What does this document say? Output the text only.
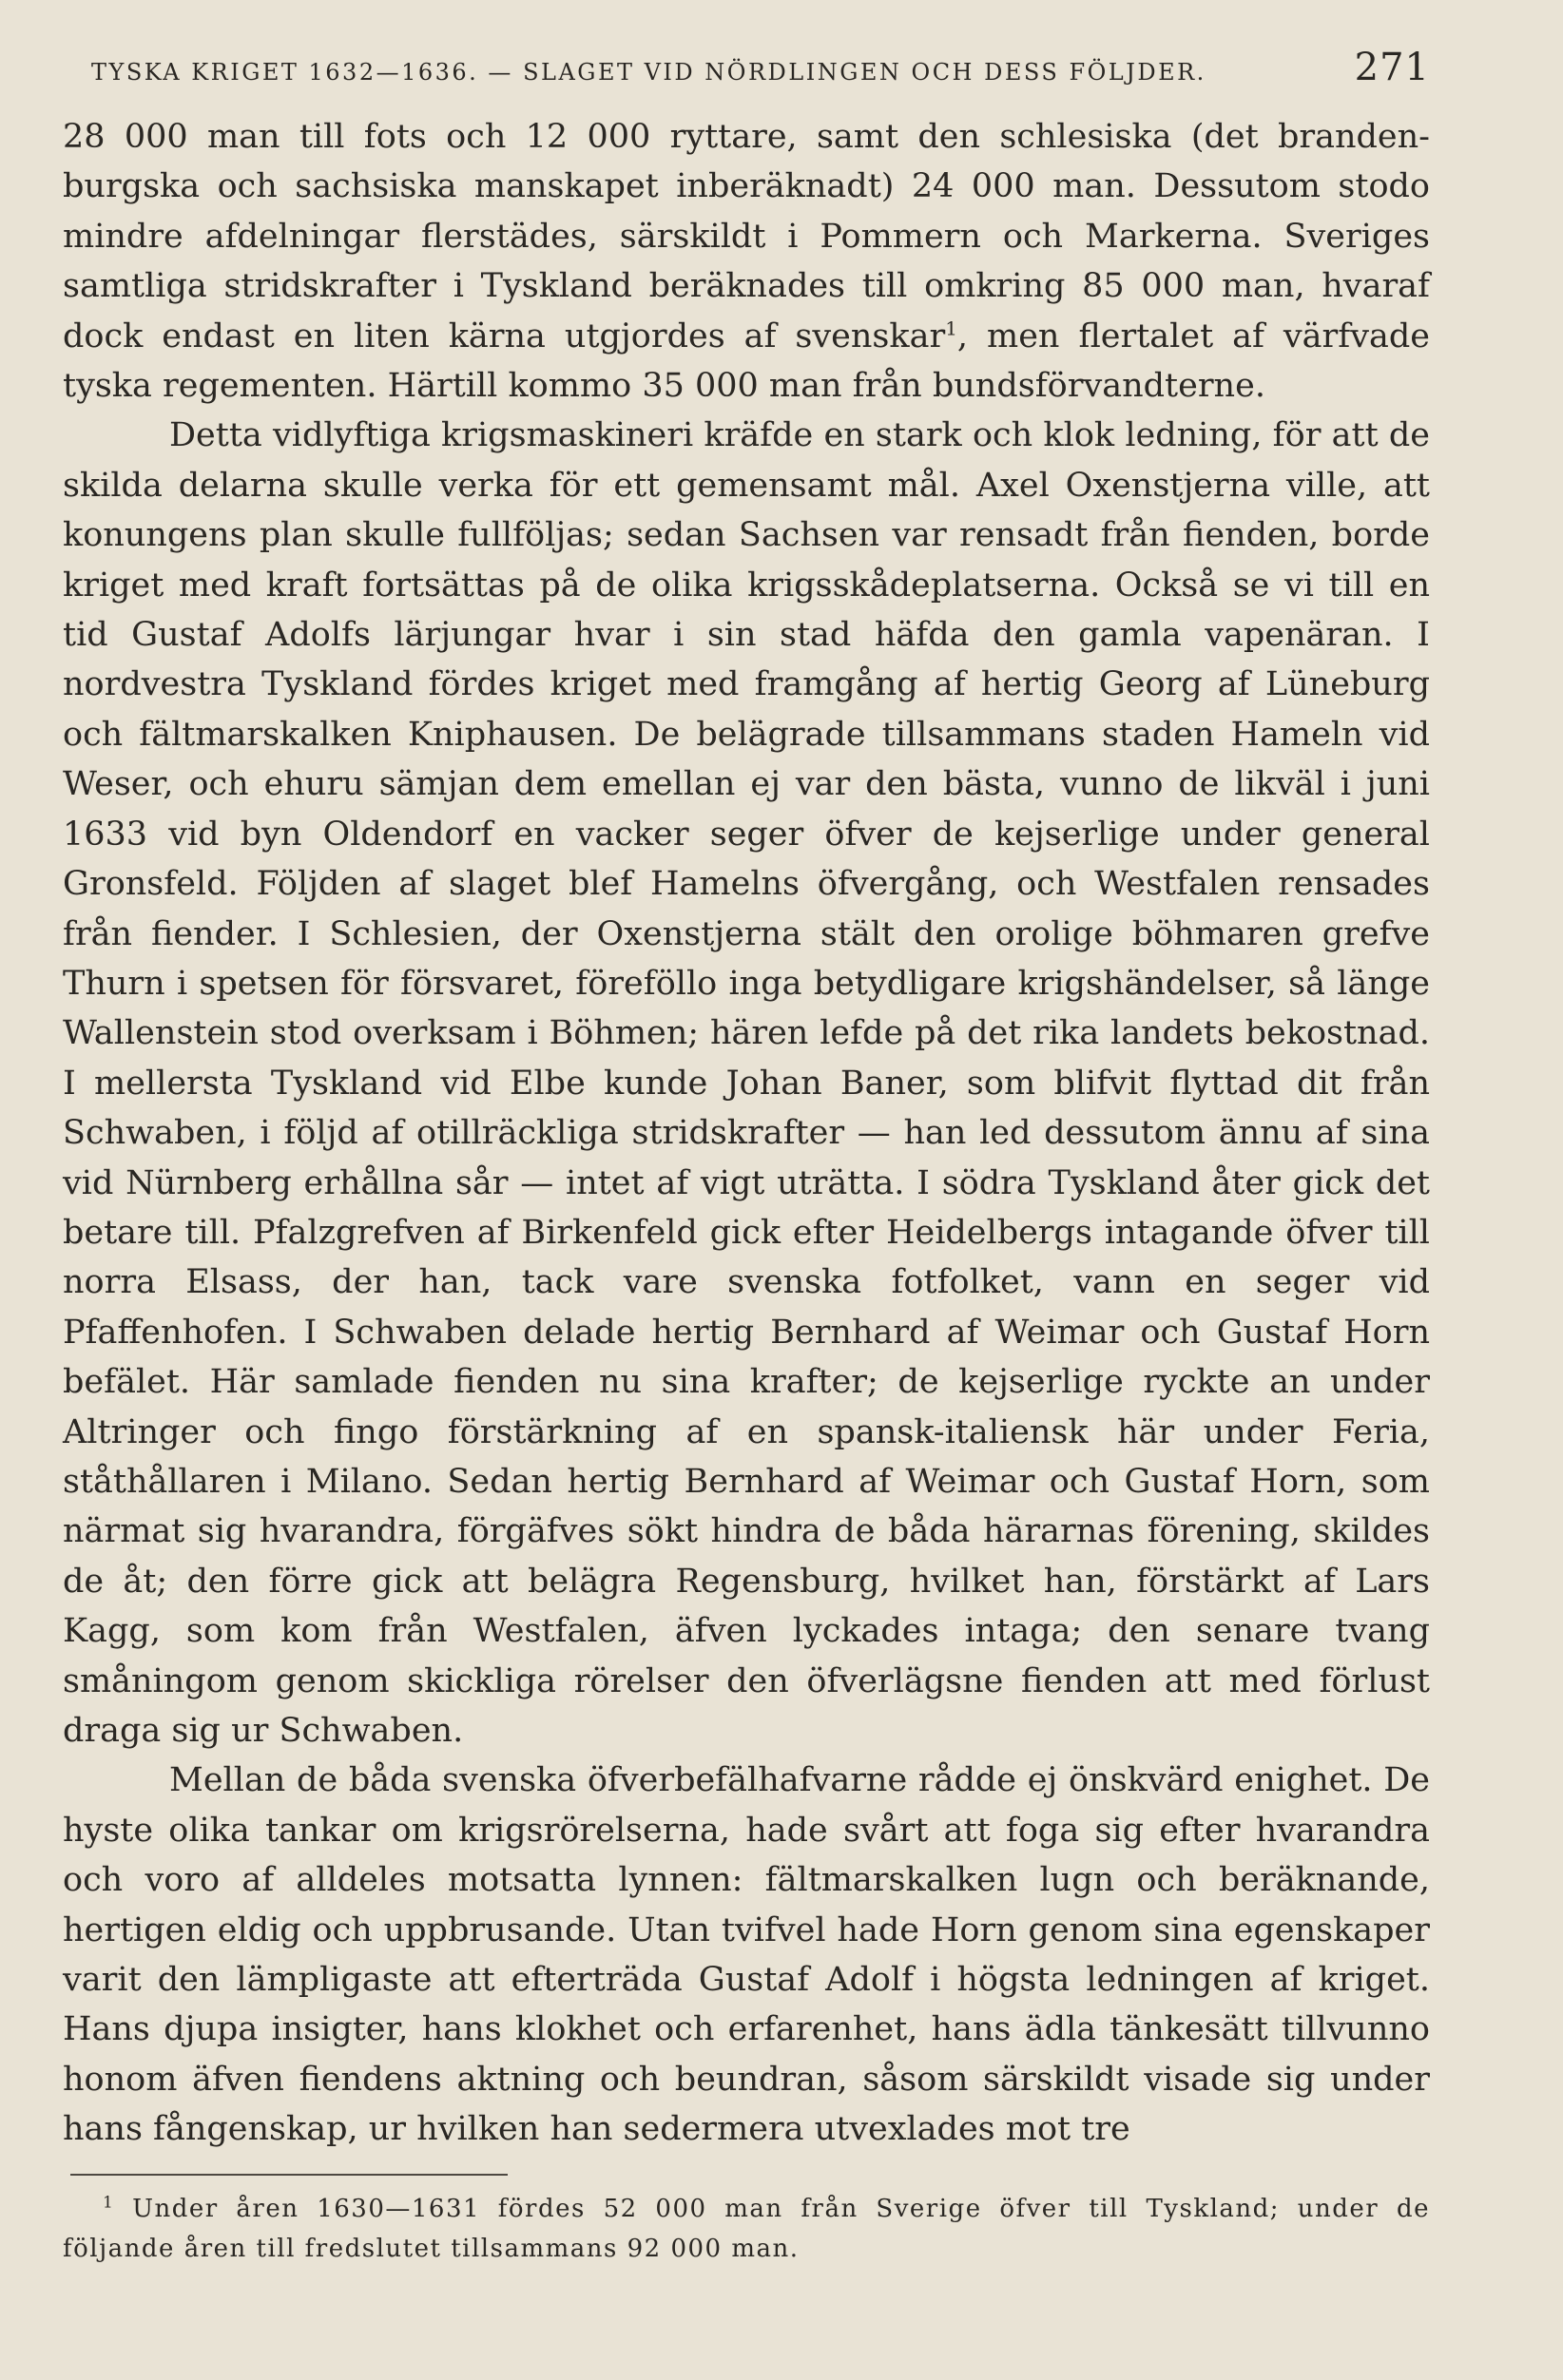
TYSKA KRIGET 1632—1636. — SLAGET VID NÖRDLINGEN OCH DESS FÖLJDER.	271

28 000 man till fots och 12 000 ryttare, samt den schlesiska (det brandenburgska och sachsiska manskapet inberäknadt) 24 000 man. Dessutom stodo mindre afdelningar flerstädes, särskildt i Pommern och Markerna. Sveriges samtliga stridskrafter i Tyskland beräknades till omkring 85 000 man, hvaraf dock endast en liten kärna utgjordes af svenskar$^1$, men flertalet af värfvade tyska regementen. Härtill kommo 35 000 man från bundsförvandterne.

Detta vidlyftiga krigsmaskineri kräfde en stark och klok ledning, för att de skilda delarna skulle verka för ett gemensamt mål. Axel Oxenstjerna ville, att konungens plan skulle fullföljas; sedan Sachsen var rensadt från fienden, borde kriget med kraft fortsättas på de olika krigsskådeplatserna. Också se vi till en tid Gustaf Adolfs lärjungar hvar i sin stad häfda den gamla vapenäran. I nordvestra Tyskland fördes kriget med framgång af hertig Georg af Lüneburg och fältmarskalken Kniphausen. De belägrade tillsammans staden Hameln vid Weser, och ehuru sämjan dem emellan ej var den bästa, vunno de likväl i juni 1633 vid byn Oldendorf en vacker seger öfver de kejserlige under general Gronsfeld. Följden af slaget blef Hamelns öfvergång, och Westfalen rensades från fiender. I Schlesien, der Oxenstjerna stält den orolige böhmaren grefve Thurn i spetsen för försvaret, föreföllo inga betydligare krigshändelser, så länge Wallenstein stod overksam i Böhmen; hären lefde på det rika landets bekostnad. I mellersta Tyskland vid Elbe kunde Johan Baner, som blifvit flyttad dit från Schwaben, i följd af otillräckliga stridskrafter — han led dessutom ännu af sina vid Nürnberg erhållna sår — intet af vigt uträtta. I södra Tyskland åter gick det betare till. Pfalzgrefven af Birkenfeld gick efter Heidelbergs intagande öfver till norra Elsass, der han, tack vare svenska fotfolket, vann en seger vid Pfaffenhofen. I Schwaben delade hertig Bernhard af Weimar och Gustaf Horn befälet. Här samlade fienden nu sina krafter; de kejserlige ryckte an under Altringer och fingo förstärkning af en spansk-italiensk här under Feria, ståthållaren i Milano. Sedan hertig Bernhard af Weimar och Gustaf Horn, som närmat sig hvarandra, förgäfves sökt hindra de båda härarnas förening, skildes de åt; den förre gick att belägra Regensburg, hvilket han, förstärkt af Lars Kagg, som kom från Westfalen, äfven lyckades intaga; den senare tvang småningom genom skickliga rörelser den öfverlägsne fienden att med förlust draga sig ur Schwaben.

Mellan de båda svenska öfverbefälhafvarne rådde ej önskvärd enighet. De hyste olika tankar om krigsrörelserna, hade svårt att foga sig efter hvarandra och voro af alldeles motsatta lynnen: fältmarskalken lugn och beräknande, hertigen eldig och uppbrusande. Utan tvifvel hade Horn genom sina egenskaper varit den lämpligaste att efterträda Gustaf Adolf i högsta ledningen af kriget. Hans djupa insigter, hans klokhet och erfarenhet, hans ädla tänkesätt tillvunno honom äfven fiendens aktning och beundran, såsom särskildt visade sig under hans fångenskap, ur hvilken han sedermera utvexlades mot tre

$^1$ Under åren 1630—1631 fördes 52 000 man från Sverige öfver till Tyskland; under de följande åren till fredslutet tillsammans 92 000 man.
